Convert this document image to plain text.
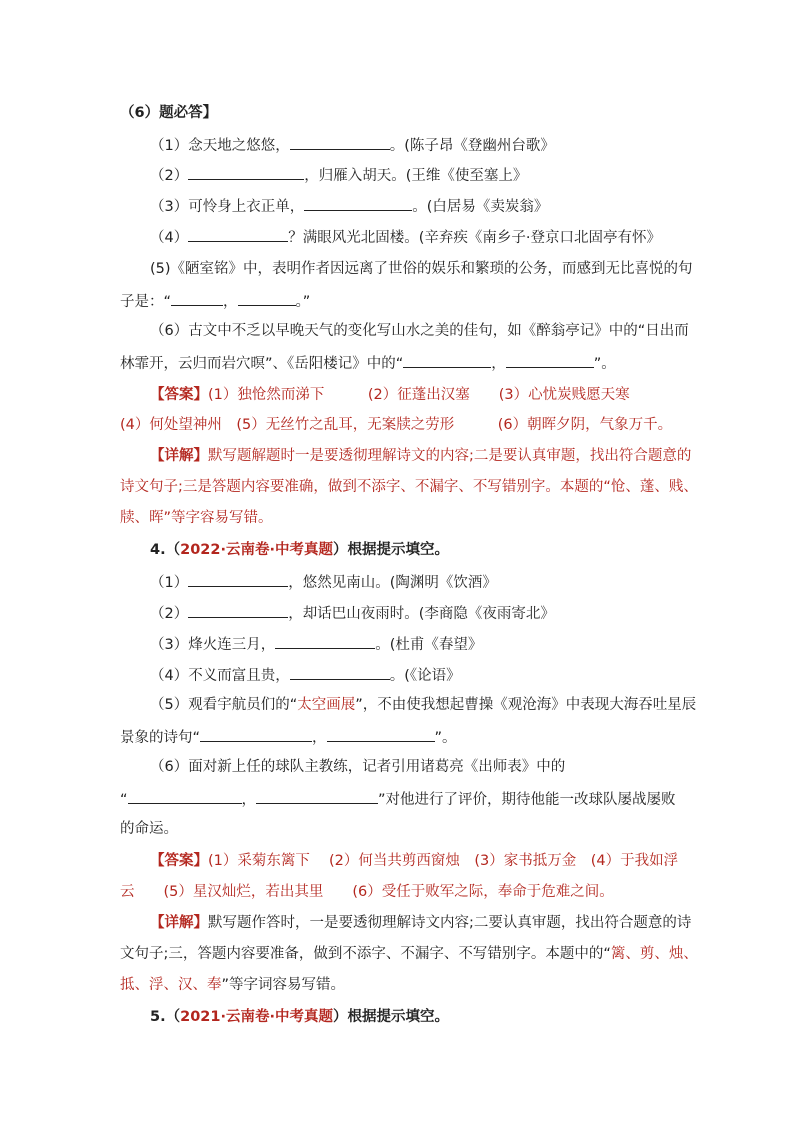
（6）题必答】
（1）念天地之悠悠，	。(陈子昂《登幽州台歌》
（2）	，归雁入胡天。(王维《使至塞上》
（3）可怜身上衣正单，	。(白居易《卖炭翁》
（4）	？满眼风光北固楼。(辛弃疾《南乡子·登京口北固亭有怀》
(5)《陋室铭》中，表明作者因远离了世俗的娱乐和繁琐的公务，而感到无比喜悦的句
子是：“	，	。”
（6）古文中不乏以早晚天气的变化写山水之美的佳句，如《醉翁亭记》中的“日出而
林霏开，云归而岩穴暝”、《岳阳楼记》中的“	，	”。
【答案】(1）独怆然而涕下　　　(2）征蓬出汉塞　　(3）心忧炭贱愿天寒
(4）何处望神州　(5）无丝竹之乱耳，无案牍之劳形　　　(6）朝晖夕阴，气象万千。
【详解】默写题解题时一是要透彻理解诗文的内容;二是要认真审题，找出符合题意的
诗文句子;三是答题内容要准确，做到不添字、不漏字、不写错别字。本题的“怆、蓬、贱、
牍、晖”等字容易写错。
4.（2022·云南卷·中考真题）根据提示填空。
（1）	，悠然见南山。(陶渊明《饮酒》
（2）	，却话巴山夜雨时。(李商隐《夜雨寄北》
（3）烽火连三月，	。(杜甫《春望》
（4）不义而富且贵，	。(《论语》
（5）观看宇航员们的“太空画展”，不由使我想起曹操《观沧海》中表现大海吞吐星辰
景象的诗句“	，	”。
（6）面对新上任的球队主教练，记者引用诸葛亮《出师表》中的
“	，	”对他进行了评价，期待他能一改球队屡战屡败
的命运。
【答案】(1）采菊东篱下　 (2）何当共剪西窗烛　(3）家书抵万金　(4）于我如浮
云　　(5）星汉灿烂，若出其里　　(6）受任于败军之际，奉命于危难之间。
【详解】默写题作答时，一是要透彻理解诗文内容;二要认真审题，找出符合题意的诗
文句子;三，答题内容要准备，做到不添字、不漏字、不写错别字。本题中的“篱、剪、烛、
抵、浮、汉、奉”等字词容易写错。
5.（2021·云南卷·中考真题）根据提示填空。
